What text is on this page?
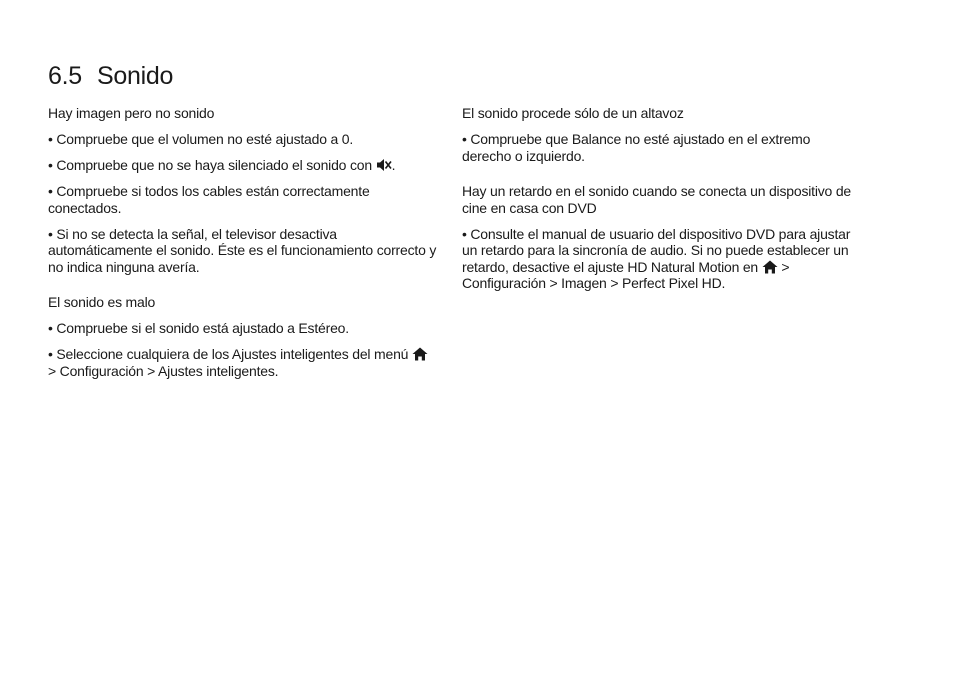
6.5 Sonido

Hay imagen pero no sonido

• Compruebe que el volumen no esté ajustado a 0.

• Compruebe que no se haya silenciado el sonido con
.

• Compruebe si todos los cables están correctamente conectados.

• Si no se detecta la señal, el televisor desactiva automáticamente el sonido. Éste es el funcionamiento correcto y no indica ninguna avería.

El sonido es malo

• Compruebe si el sonido está ajustado a Estéreo.

• Seleccione cualquiera de los Ajustes inteligentes del menú
> Configuración > Ajustes inteligentes.

El sonido procede sólo de un altavoz

• Compruebe que Balance no esté ajustado en el extremo derecho o izquierdo.

Hay un retardo en el sonido cuando se conecta un dispositivo de cine en casa con DVD

• Consulte el manual de usuario del dispositivo DVD para ajustar un retardo para la sincronía de audio. Si no puede establecer un retardo, desactive el ajuste HD Natural Motion en
> Configuración > Imagen > Perfect Pixel HD.
